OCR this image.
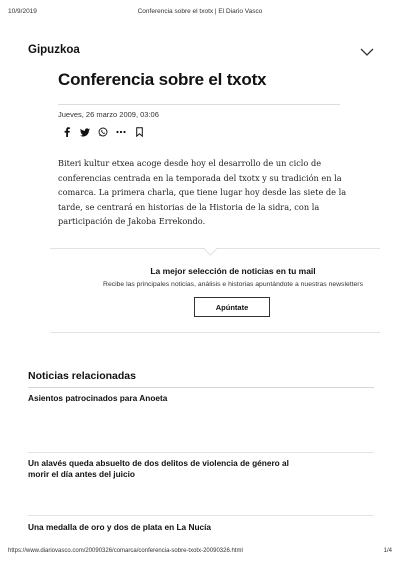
10/9/2019	Conferencia sobre el txotx | El Diario Vasco
Gipuzkoa
Conferencia sobre el txotx
Jueves, 26 marzo 2009, 03:06

Biteri kultur etxea acoge desde hoy el desarrollo de un ciclo de conferencias centrada en la temporada del txotx y su tradición en la comarca. La primera charla, que tiene lugar hoy desde las siete de la tarde, se centrará en historias de la Historia de la sidra, con la participación de Jakoba Errekondo.

La mejor selección de noticias en tu mail
Recibe las principales noticias, análisis e historias apuntándote a nuestras newsletters
Apúntate
Noticias relacionadas
Asientos patrocinados para Anoeta
Un alavés queda absuelto de dos delitos de violencia de género al morir el día antes del juicio
Una medalla de oro y dos de plata en La Nucía
https://www.diariovasco.com/20090326/comarca/conferencia-sobre-txotx-20090326.html	1/4
